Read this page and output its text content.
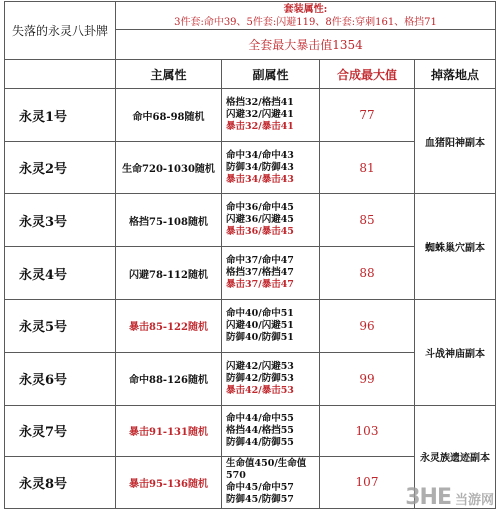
失落的永灵八卦牌	套装属性:
3件套:命中39、5件套:闪避119、8件套:穿刺161、格挡71			

	全套最大暴击值1354			
	主属性	副属性	合成最大值	掉落地点
永灵1号	命中68-98随机	格挡32/格挡41
闪避32/闪避41
暴击32/暴击41	77	血猪阳神副本
永灵2号	生命720-1030随机	命中34/命中43
防御34/防御43
暴击34/暴击43	81	
永灵3号	格挡75-108随机	命中36/命中45
闪避36/闪避45
暴击36/暴击45	85	蜘蛛巢穴副本
永灵4号	闪避78-112随机	命中37/命中47
格挡37/格挡47
暴击37/暴击47	88	
永灵5号	暴击85-122随机	命中40/命中51
闪避40/闪避51
防御40/防御51	96	斗战神庙副本
永灵6号	命中88-126随机	闪避42/闪避53
防御42/防御53
暴击42/暴击53	99	
永灵7号	暴击91-131随机	命中44/命中55
格挡44/格挡55
防御44/防御55	103	永灵族遗迹副本
永灵8号	暴击95-136随机	生命值450/生命值
570
命中45/命中57
防御45/防御57	107	
3HE 当游网
